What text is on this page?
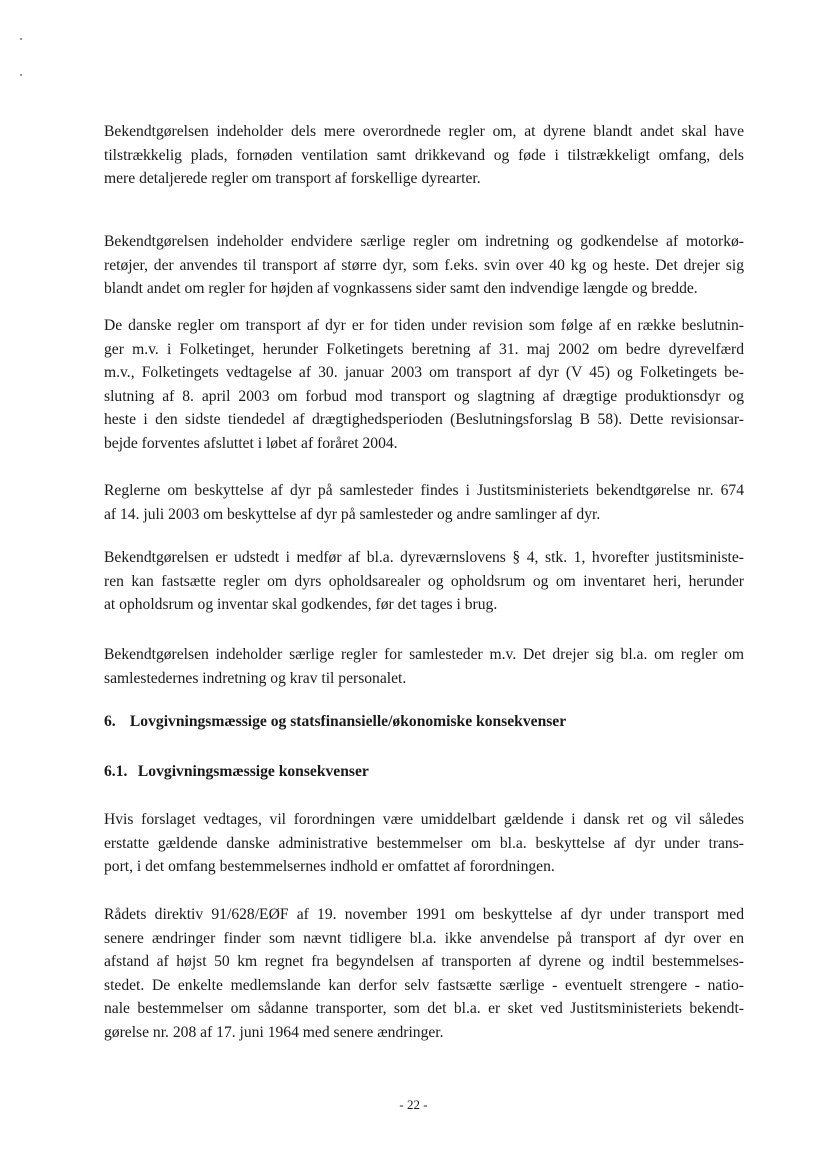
Bekendtgørelsen indeholder dels mere overordnede regler om, at dyrene blandt andet skal have
tilstrækkelig plads, fornøden ventilation samt drikkevand og føde i tilstrækkeligt omfang, dels
mere detaljerede regler om transport af forskellige dyrearter.

Bekendtgørelsen indeholder endvidere særlige regler om indretning og godkendelse af motorkø-
retøjer, der anvendes til transport af større dyr, som f.eks. svin over 40 kg og heste. Det drejer sig
blandt andet om regler for højden af vognkassens sider samt den indvendige længde og bredde.

De danske regler om transport af dyr er for tiden under revision som følge af en række beslutnin-
ger m.v. i Folketinget, herunder Folketingets beretning af 31. maj 2002 om bedre dyrevelfærd
m.v., Folketingets vedtagelse af 30. januar 2003 om transport af dyr (V 45) og Folketingets be-
slutning af 8. april 2003 om forbud mod transport og slagtning af drægtige produktionsdyr og
heste i den sidste tiendedel af drægtighedsperioden (Beslutningsforslag B 58). Dette revisionsar-
bejde forventes afsluttet i løbet af foråret 2004.

Reglerne om beskyttelse af dyr på samlesteder findes i Justitsministeriets bekendtgørelse nr. 674
af 14. juli 2003 om beskyttelse af dyr på samlesteder og andre samlinger af dyr.

Bekendtgørelsen er udstedt i medfør af bl.a. dyreværnslovens § 4, stk. 1, hvorefter justitsministe-
ren kan fastsætte regler om dyrs opholdsarealer og opholdsrum og om inventaret heri, herunder
at opholdsrum og inventar skal godkendes, før det tages i brug.

Bekendtgørelsen indeholder særlige regler for samlesteder m.v. Det drejer sig bl.a. om regler om
samlestedernes indretning og krav til personalet.

6. Lovgivningsmæssige og statsfinansielle/økonomiske konsekvenser
6.1. Lovgivningsmæssige konsekvenser

Hvis forslaget vedtages, vil forordningen være umiddelbart gældende i dansk ret og vil således
erstatte gældende danske administrative bestemmelser om bl.a. beskyttelse af dyr under trans-
port, i det omfang bestemmelsernes indhold er omfattet af forordningen.

Rådets direktiv 91/628/EØF af 19. november 1991 om beskyttelse af dyr under transport med
senere ændringer finder som nævnt tidligere bl.a. ikke anvendelse på transport af dyr over en
afstand af højst 50 km regnet fra begyndelsen af transporten af dyrene og indtil bestemmelses-
stedet. De enkelte medlemslande kan derfor selv fastsætte særlige - eventuelt strengere - natio-
nale bestemmelser om sådanne transporter, som det bl.a. er sket ved Justitsministeriets bekendt-
gørelse nr. 208 af 17. juni 1964 med senere ændringer.

- 22 -
